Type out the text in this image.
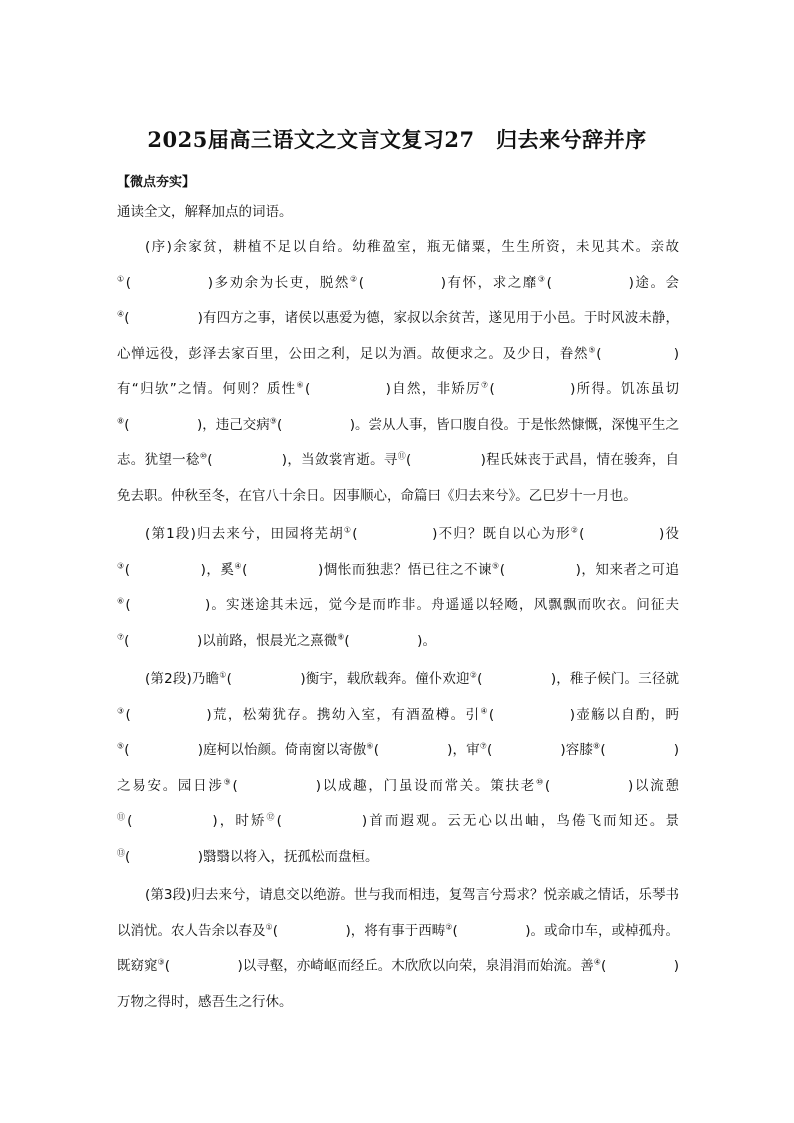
2025届高三语文之文言文复习27　归去来兮辞并序

【微点夯实】

通读全文，解释加点的词语。

(序)余家贫，耕植不足以自给。幼稚盈室，瓶无储粟，生生所资，未见其术。亲故①(　　　　　)多劝余为长吏，脱然②(　　　　　)有怀，求之靡③(　　　　　)途。会④(　　　　　)有四方之事，诸侯以惠爱为德，家叔以余贫苦，遂见用于小邑。于时风波未静，心惮远役，彭泽去家百里，公田之利，足以为酒。故便求之。及少日，眷然⑤(　　　　　)有“归欤”之情。何则？质性⑥(　　　　　)自然，非矫厉⑦(　　　　　)所得。饥冻虽切⑧(　　　　　)，违己交病⑨(　　　　　)。尝从人事，皆口腹自役。于是怅然慷慨，深愧平生之志。犹望一稔⑩(　　　　　)，当敛裳宵逝。寻⑪(　　　　　)程氏妹丧于武昌，情在骏奔，自免去职。仲秋至冬，在官八十余日。因事顺心，命篇曰《归去来兮》。乙巳岁十一月也。

(第1段)归去来兮，田园将芜胡①(　　　　　)不归？既自以心为形②(　　　　　)役③(　　　　　)，奚④(　　　　　)惆怅而独悲？悟已往之不谏⑤(　　　　　)，知来者之可追⑥(　　　　　)。实迷途其未远，觉今是而昨非。舟遥遥以轻飏，风飘飘而吹衣。问征夫⑦(　　　　　)以前路，恨晨光之熹微⑧(　　　　　)。

(第2段)乃瞻①(　　　　　)衡宇，载欣载奔。僮仆欢迎②(　　　　　)，稚子候门。三径就③(　　　　　)荒，松菊犹存。携幼入室，有酒盈樽。引④(　　　　　)壶觞以自酌，眄⑤(　　　　　)庭柯以怡颜。倚南窗以寄傲⑥(　　　　　)，审⑦(　　　　　)容膝⑧(　　　　　)之易安。园日涉⑨(　　　　　)以成趣，门虽设而常关。策扶老⑩(　　　　　)以流憩⑪(　　　　　)，时矫⑫(　　　　　)首而遐观。云无心以出岫，鸟倦飞而知还。景⑬(　　　　　)翳翳以将入，抚孤松而盘桓。

(第3段)归去来兮，请息交以绝游。世与我而相违，复驾言兮焉求？悦亲戚之情话，乐琴书以消忧。农人告余以春及①(　　　　　)，将有事于西畴②(　　　　　)。或命巾车，或棹孤舟。既窈窕③(　　　　　)以寻壑，亦崎岖而经丘。木欣欣以向荣，泉涓涓而始流。善④(　　　　　)万物之得时，感吾生之行休。
